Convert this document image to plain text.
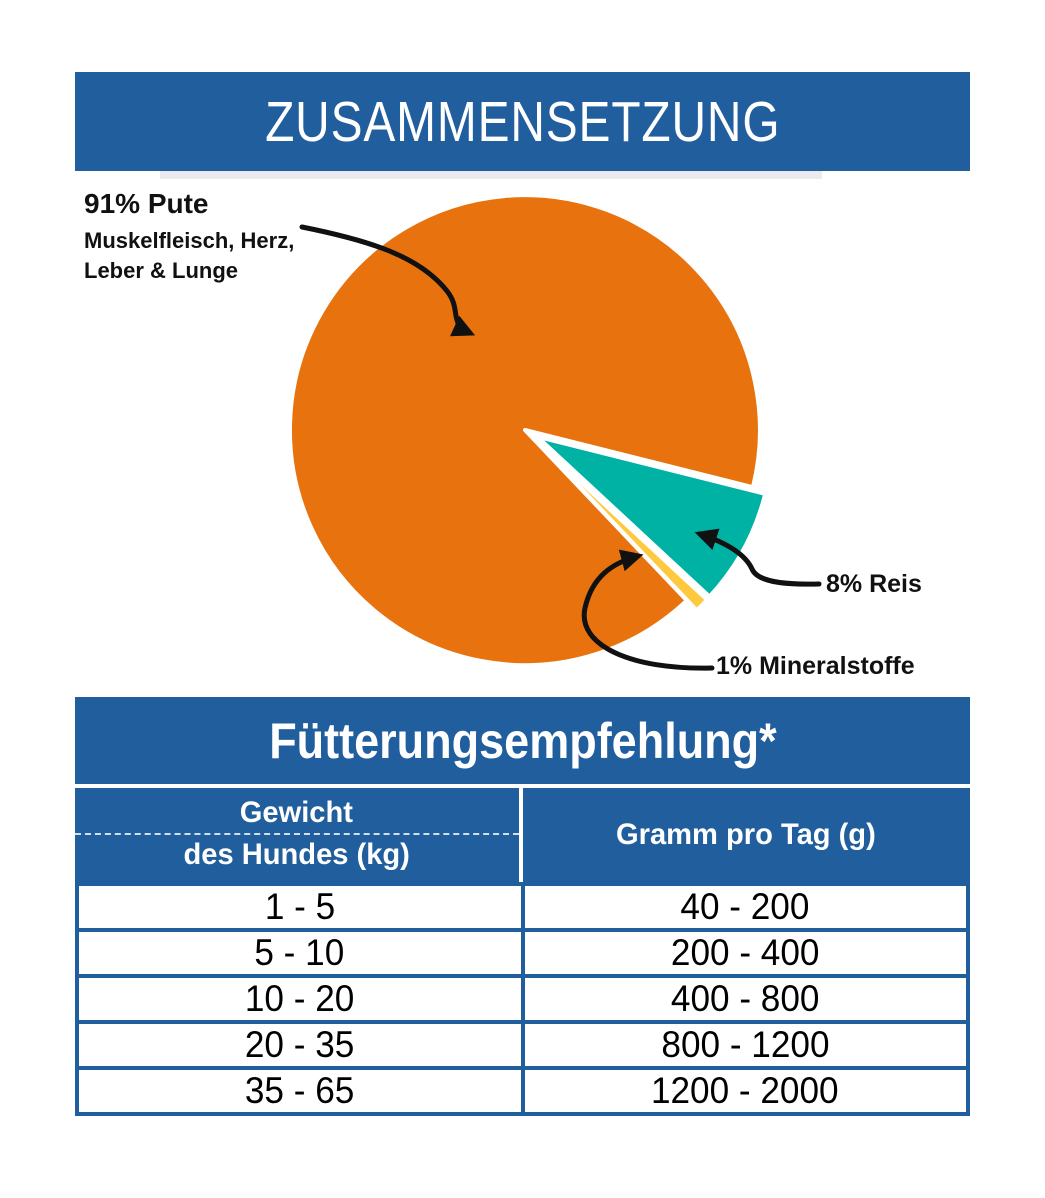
ZUSAMMENSETZUNG
91% Pute
Muskelfleisch, Herz,
Leber & Lunge
8% Reis
1% Mineralstoffe
Fütterungsempfehlung*
Gewicht
des Hundes (kg)
Gramm pro Tag (g)
1 - 5	40 - 200
5 - 10	200 - 400
10 - 20	400 - 800
20 - 35	800 - 1200
35 - 65	1200 - 2000
